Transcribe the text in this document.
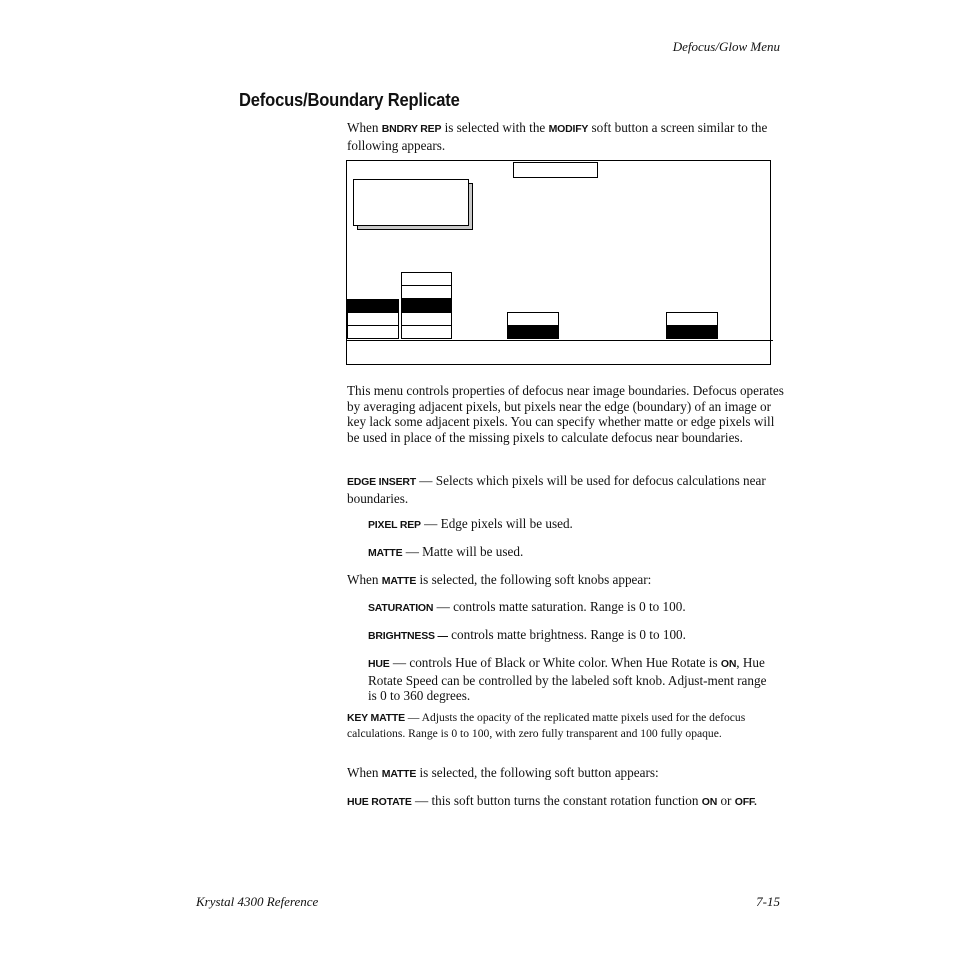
Defocus/Glow Menu
Defocus/Boundary Replicate
When BNDRY REP is selected with the MODIFY soft button a screen similar to the following appears.
This menu controls properties of defocus near image boundaries. Defocus operates by averaging adjacent pixels, but pixels near the edge (boundary) of an image or key lack some adjacent pixels. You can specify whether matte or edge pixels will be used in place of the missing pixels to calculate defocus near boundaries.
EDGE INSERT — Selects which pixels will be used for defocus calculations near boundaries.
PIXEL REP — Edge pixels will be used.
MATTE — Matte will be used.
When MATTE is selected, the following soft knobs appear:
SATURATION — controls matte saturation. Range is 0 to 100.
BRIGHTNESS — controls matte brightness. Range is 0 to 100.
HUE — controls Hue of Black or White color. When Hue Rotate is ON, Hue Rotate Speed can be controlled by the labeled soft knob. Adjust-ment range is 0 to 360 degrees.
KEY MATTE — Adjusts the opacity of the replicated matte pixels used for the defocus calculations. Range is 0 to 100, with zero fully transparent and 100 fully opaque.
When MATTE is selected, the following soft button appears:
HUE ROTATE — this soft button turns the constant rotation function ON or OFF.
Krystal 4300 Reference	7-15
